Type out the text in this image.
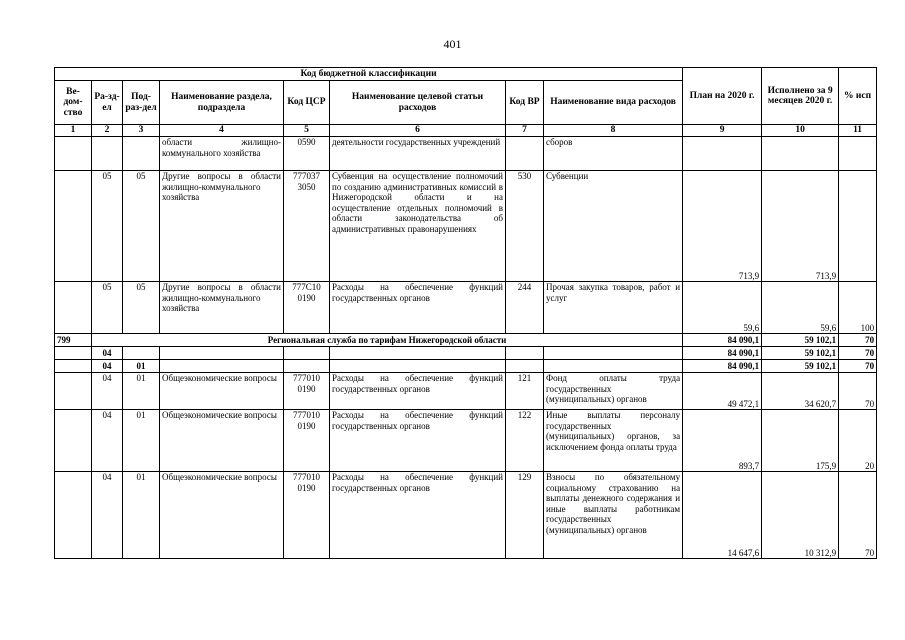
401
Код бюджетной классификации								План на 2020 г.	Исполнено за 9 месяцев 2020 г.	% исп
Ве-дом-ство	Ра-зд-ел	Под-раз-дел	Наименование раздела, подраздела	Код ЦСР	Наименование целевой статьи расходов	Код ВР	Наименование вида расходов			
1	2	3	4	5	6	7	8	9	10	11
			области жилищно-коммунального хозяйства	0590	деятельности государственных учреждений		сборов			
	05	05	Другие вопросы в области жилищно-коммунального хозяйства	777037 3050	Субвенция на осуществление полномочий по созданию административных комиссий в Нижегородской области и на осуществление отдельных полномочий в области законодательства об административных правонарушениях	530	Субвенции	713,9	713,9	
	05	05	Другие вопросы в области жилищно-коммунального хозяйства	777С10 0190	Расходы на обеспечение функций государственных органов	244	Прочая закупка товаров, работ и услуг	59,6	59,6	100
799	Региональная служба по тарифам Нижегородской области							84 090,1	59 102,1	70
	04							84 090,1	59 102,1	70
	04	01						84 090,1	59 102,1	70
	04	01	Общеэкономические вопросы	777010 0190	Расходы на обеспечение функций государственных органов	121	Фонд оплаты труда государственных (муниципальных) органов	49 472,1	34 620,7	70
	04	01	Общеэкономические вопросы	777010 0190	Расходы на обеспечение функций государственных органов	122	Иные выплаты персоналу государственных (муниципальных) органов, за исключением фонда оплаты труда	893,7	175,9	20
	04	01	Общеэкономические вопросы	777010 0190	Расходы на обеспечение функций государственных органов	129	Взносы по обязательному социальному страхованию на выплаты денежного содержания и иные выплаты работникам государственных (муниципальных) органов	14 647,6	10 312,9	70
